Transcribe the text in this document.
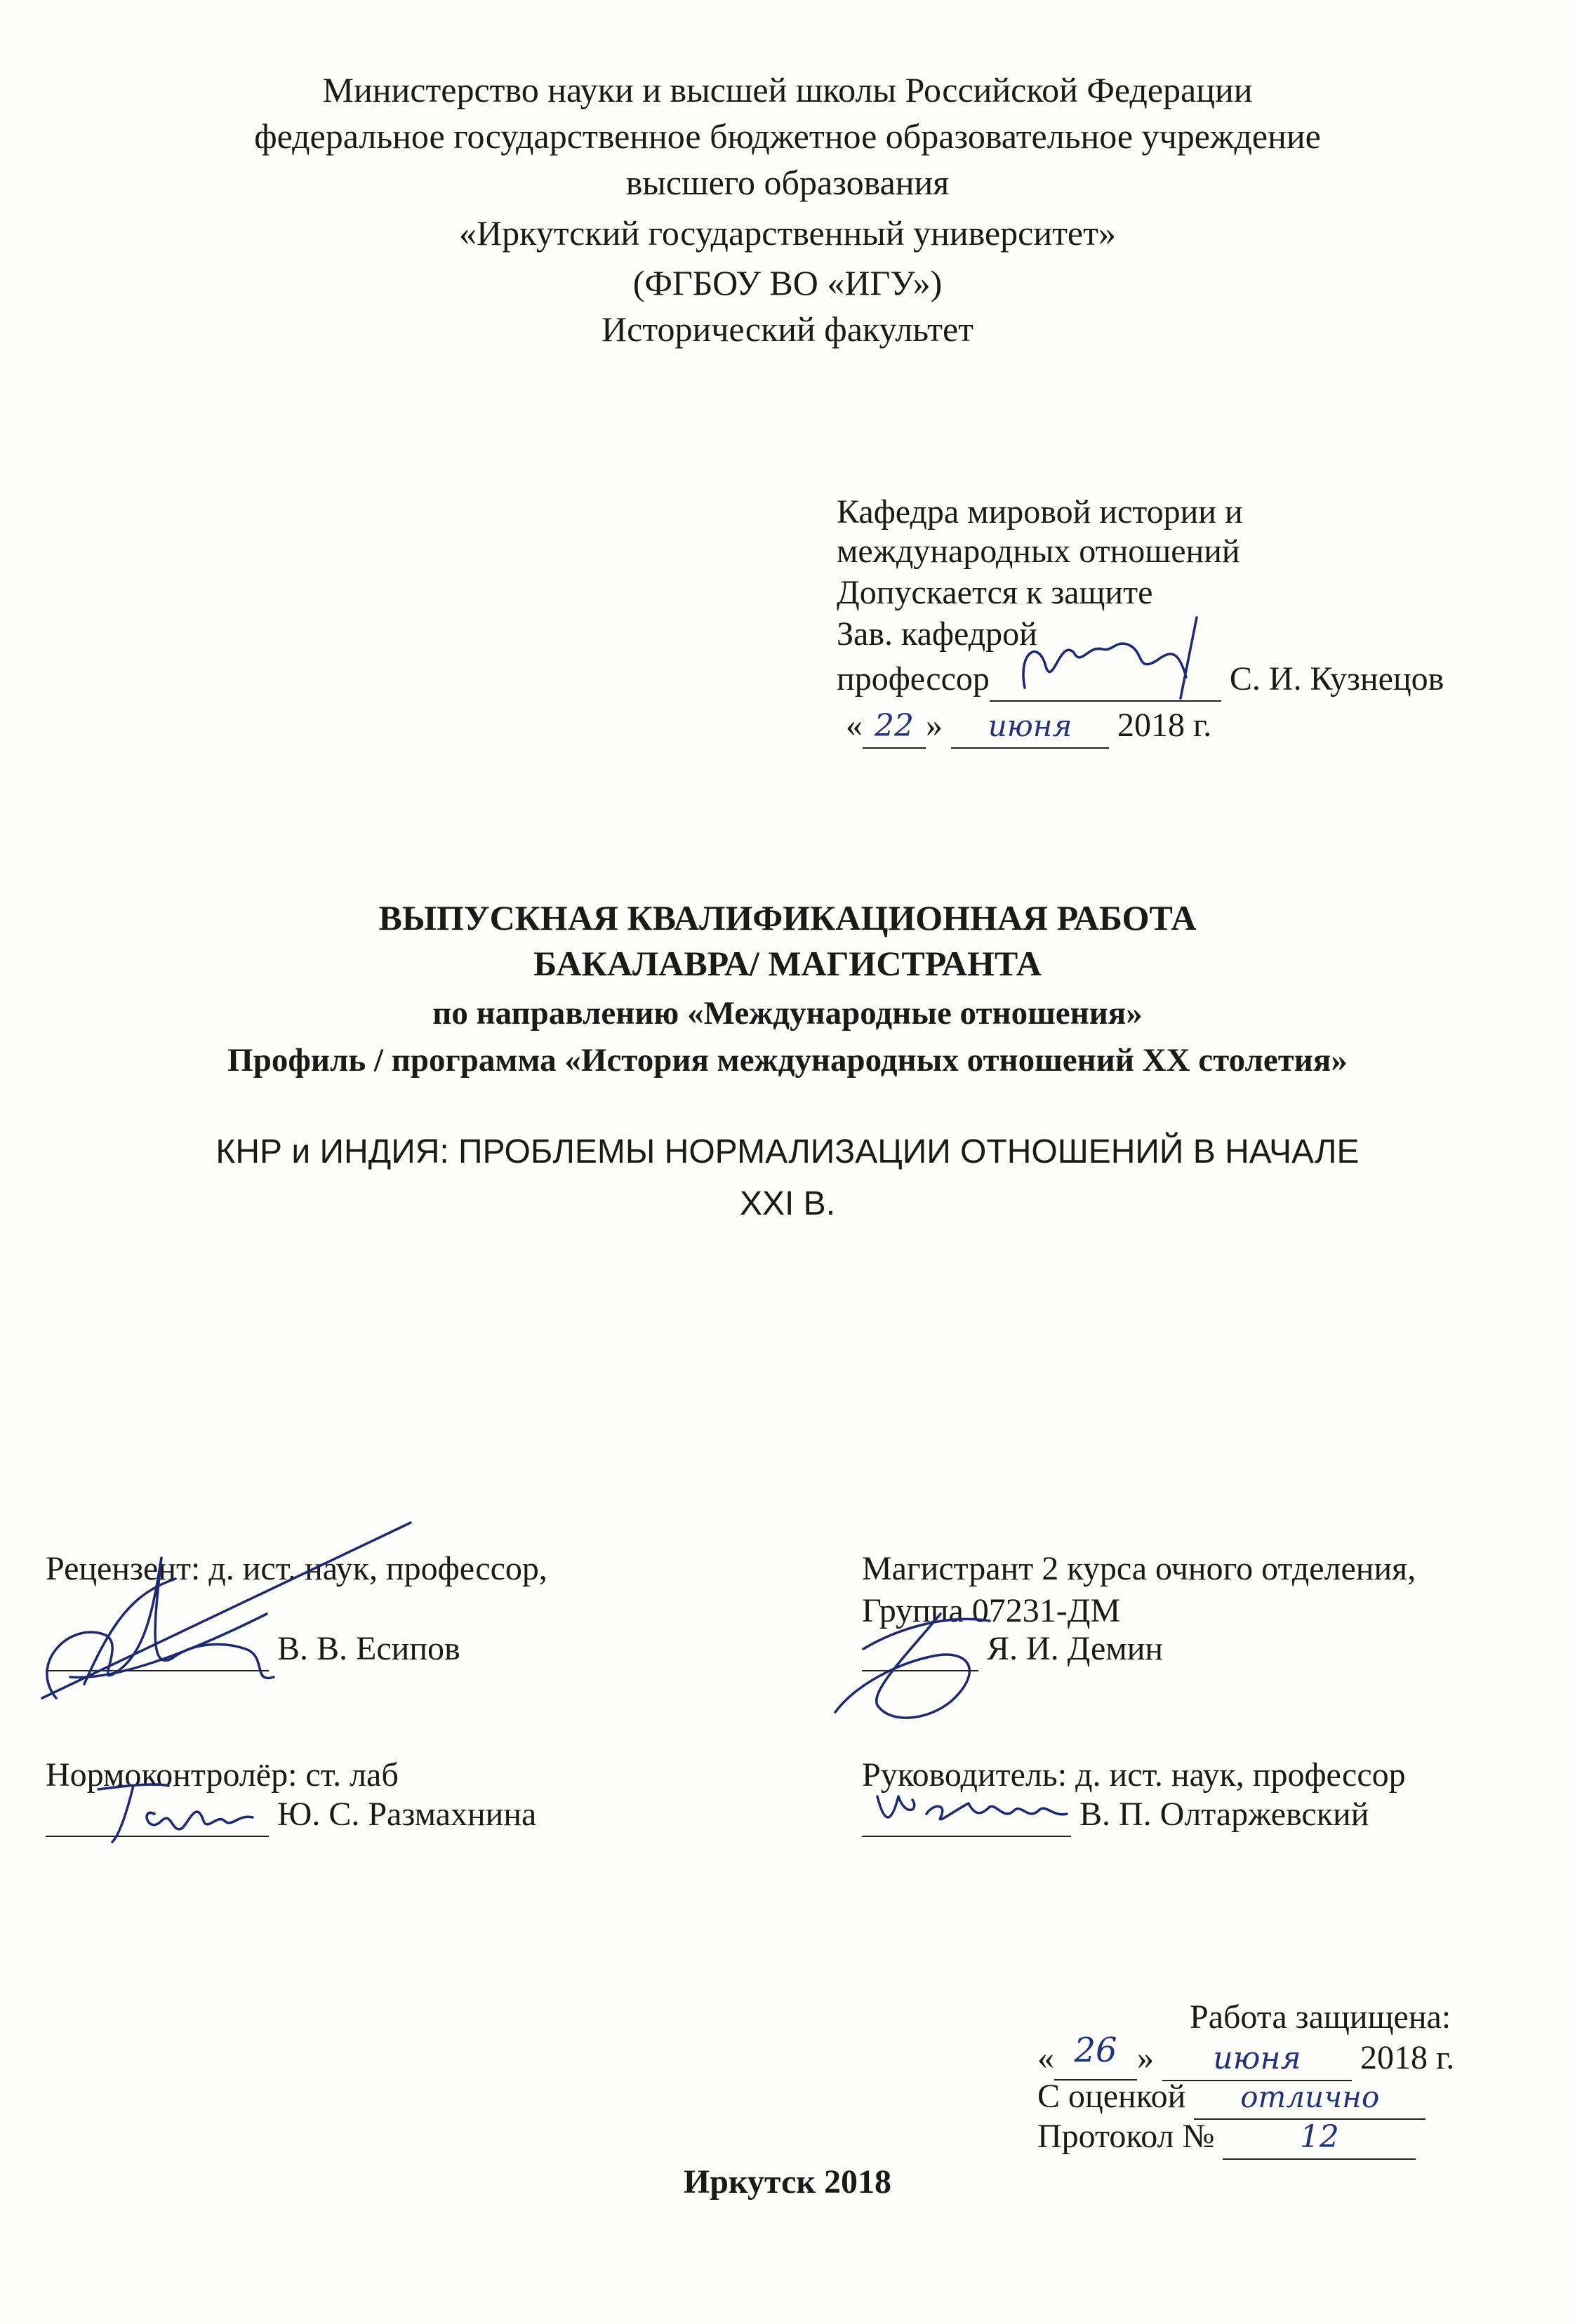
Министерство науки и высшей школы Российской Федерации
федеральное государственное бюджетное образовательное учреждение
высшего образования
«Иркутский государственный университет»
(ФГБОУ ВО «ИГУ»)
Исторический факультет
Кафедра мировой истории и
международных отношений
Допускается к защите
Зав. кафедрой
профессор	С. И. Кузнецов
« 22 » июня 2018 г.
ВЫПУСКНАЯ КВАЛИФИКАЦИОННАЯ РАБОТА
БАКАЛАВРА/ МАГИСТРАНТА
по направлению «Международные отношения»
Профиль / программа «История международных отношений XX столетия»
КНР и ИНДИЯ: ПРОБЛЕМЫ НОРМАЛИЗАЦИИ ОТНОШЕНИЙ В НАЧАЛЕ
XXI В.
Рецензент: д. ист. наук, профессор,
В. В. Есипов
Магистрант 2 курса очного отделения,
Группа 07231-ДМ
Я. И. Демин
Нормоконтролёр: ст. лаб
Ю. С. Размахнина
Руководитель: д. ист. наук, профессор
В. П. Олтаржевский
Работа защищена:
« 26 » июня 2018 г.
С оценкой отлично
Протокол №	12
Иркутск 2018
